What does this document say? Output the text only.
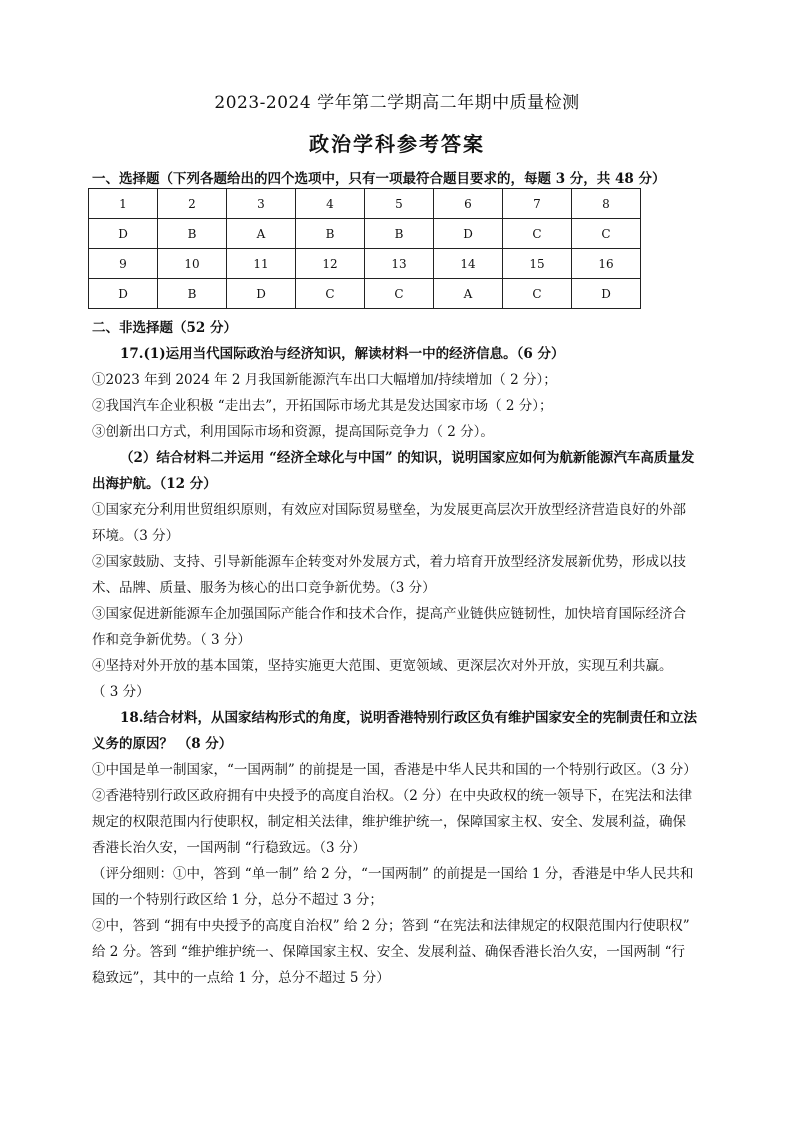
2023-2024 学年第二学期高二年期中质量检测
政治学科参考答案
一、选择题（下列各题给出的四个选项中，只有一项最符合题目要求的，每题 3 分，共 48 分）
1	2	3	4	5	6	7	8
D	B	A	B	B	D	C	C
9	10	11	12	13	14	15	16
D	B	D	C	C	A	C	D
二、非选择题（52 分）
17.(1)运用当代国际政治与经济知识，解读材料一中的经济信息。（6 分）
①2023 年到 2024 年 2 月我国新能源汽车出口大幅增加/持续增加（ 2 分）；
②我国汽车企业积极 “走出去”，开拓国际市场尤其是发达国家市场（ 2 分）；
③创新出口方式，利用国际市场和资源，提高国际竞争力（ 2 分）。
（2）结合材料二并运用 “经济全球化与中国” 的知识，说明国家应如何为航新能源汽车高质量发
出海护航。（12 分）
①国家充分利用世贸组织原则，有效应对国际贸易壁垒，为发展更高层次开放型经济营造良好的外部
环境。（3 分）
②国家鼓励、支持、引导新能源车企转变对外发展方式，着力培育开放型经济发展新优势，形成以技
术、品牌、质量、服务为核心的出口竞争新优势。（3 分）
③国家促进新能源车企加强国际产能合作和技术合作，提高产业链供应链韧性，加快培育国际经济合
作和竞争新优势。（ 3 分）
④坚持对外开放的基本国策，坚持实施更大范围、更宽领域、更深层次对外开放，实现互利共赢。
（ 3 分）
18.结合材料，从国家结构形式的角度，说明香港特别行政区负有维护国家安全的宪制责任和立法
义务的原因？ （8 分）
①中国是单一制国家，“一国两制” 的前提是一国，香港是中华人民共和国的一个特别行政区。（3 分）
②香港特别行政区政府拥有中央授予的高度自治权。（2 分）在中央政权的统一领导下，在宪法和法律
规定的权限范围内行使职权，制定相关法律，维护维护统一，保障国家主权、安全、发展利益，确保
香港长治久安，一国两制 “行稳致远。（3 分）
（评分细则：①中，答到 “单一制” 给 2 分，“一国两制” 的前提是一国给 1 分，香港是中华人民共和
国的一个特别行政区给 1 分，总分不超过 3 分；
②中，答到 “拥有中央授予的高度自治权” 给 2 分；答到 “在宪法和法律规定的权限范围内行使职权”
给 2 分。答到 “维护维护统一、保障国家主权、安全、发展利益、确保香港长治久安，一国两制 “行
稳致远”，其中的一点给 1 分，总分不超过 5 分）
